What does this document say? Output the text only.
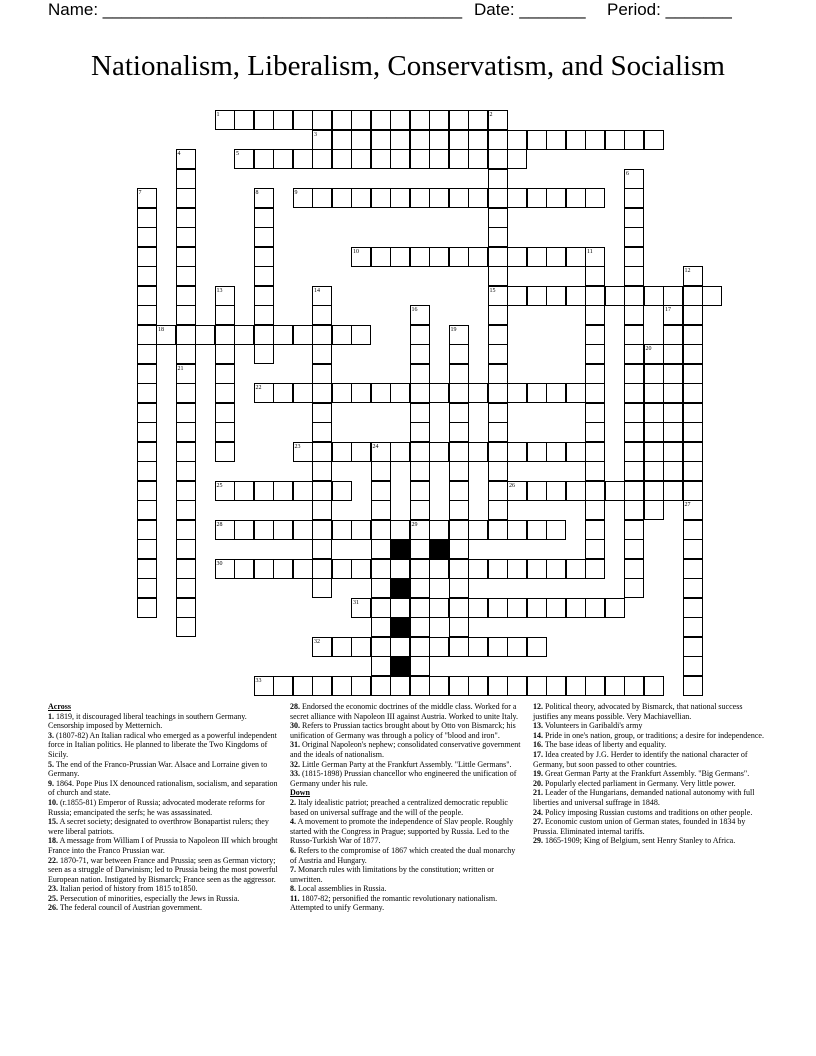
Name: ______________________________________ Date: _______ Period: _______
Nationalism, Liberalism, Conservatism, and Socialism
1
3
5
9
10
15
18
22
23
25	26
28
30
31
32
33
2
4
6
7	8
11
12
13	14
16	17
19
20
21
24
27
29

Across

1. 1819, it discouraged liberal teachings in southern Germany. Censorship imposed by Metternich.

3. (1807-82) An Italian radical who emerged as a powerful independent force in Italian politics. He planned to liberate the Two Kingdoms of Sicily.

5. The end of the Franco-Prussian War. Alsace and Lorraine given to Germany.

9. 1864. Pope Pius IX denounced rationalism, socialism, and separation of church and state.

10. (r.1855-81) Emperor of Russia; advocated moderate reforms for Russia; emancipated the serfs; he was assassinated.

15. A secret society; designated to overthrow Bonapartist rulers; they were liberal patriots.

18. A message from William I of Prussia to Napoleon III which brought France into the Franco Prussian war.

22. 1870-71, war between France and Prussia; seen as German victory; seen as a struggle of Darwinism; led to Prussia being the most powerful European nation. Instigated by Bismarck; France seen as the aggressor.

23. Italian period of history from 1815 to1850.

25. Persecution of minorities, especially the Jews in Russia.

26. The federal council of Austrian government.

28. Endorsed the economic doctrines of the middle class. Worked for a secret alliance with Napoleon III against Austria. Worked to unite Italy.

30. Refers to Prussian tactics brought about by Otto von Bismarck; his unification of Germany was through a policy of "blood and iron".

31. Original Napoleon's nephew; consolidated conservative government and the ideals of nationalism.

32. Little German Party at the Frankfurt Assembly. "Little Germans".

33. (1815-1898) Prussian chancellor who engineered the unification of Germany under his rule.

Down

2. Italy idealistic patriot; preached a centralized democratic republic based on universal suffrage and the will of the people.

4. A movement to promote the independence of Slav people. Roughly started with the Congress in Prague; supported by Russia. Led to the Russo-Turkish War of 1877.

6. Refers to the compromise of 1867 which created the dual monarchy of Austria and Hungary.

7. Monarch rules with limitations by the constitution; written or unwritten.

8. Local assemblies in Russia.

11. 1807-82; personified the romantic revolutionary nationalism. Attempted to unify Germany.

12. Political theory, advocated by Bismarck, that national success justifies any means possible. Very Machiavellian.

13. Volunteers in Garibaldi's army

14. Pride in one's nation, group, or traditions; a desire for independence.

16. The base ideas of liberty and equality.

17. Idea created by J.G. Herder to identify the national character of Germany, but soon passed to other countries.

19. Great German Party at the Frankfurt Assembly. "Big Germans".

20. Popularly elected parliament in Germany. Very little power.

21. Leader of the Hungarians, demanded national autonomy with full liberties and universal suffrage in 1848.

24. Policy imposing Russian customs and traditions on other people.

27. Economic custom union of German states, founded in 1834 by Prussia. Eliminated internal tariffs.

29. 1865-1909; King of Belgium, sent Henry Stanley to Africa.
